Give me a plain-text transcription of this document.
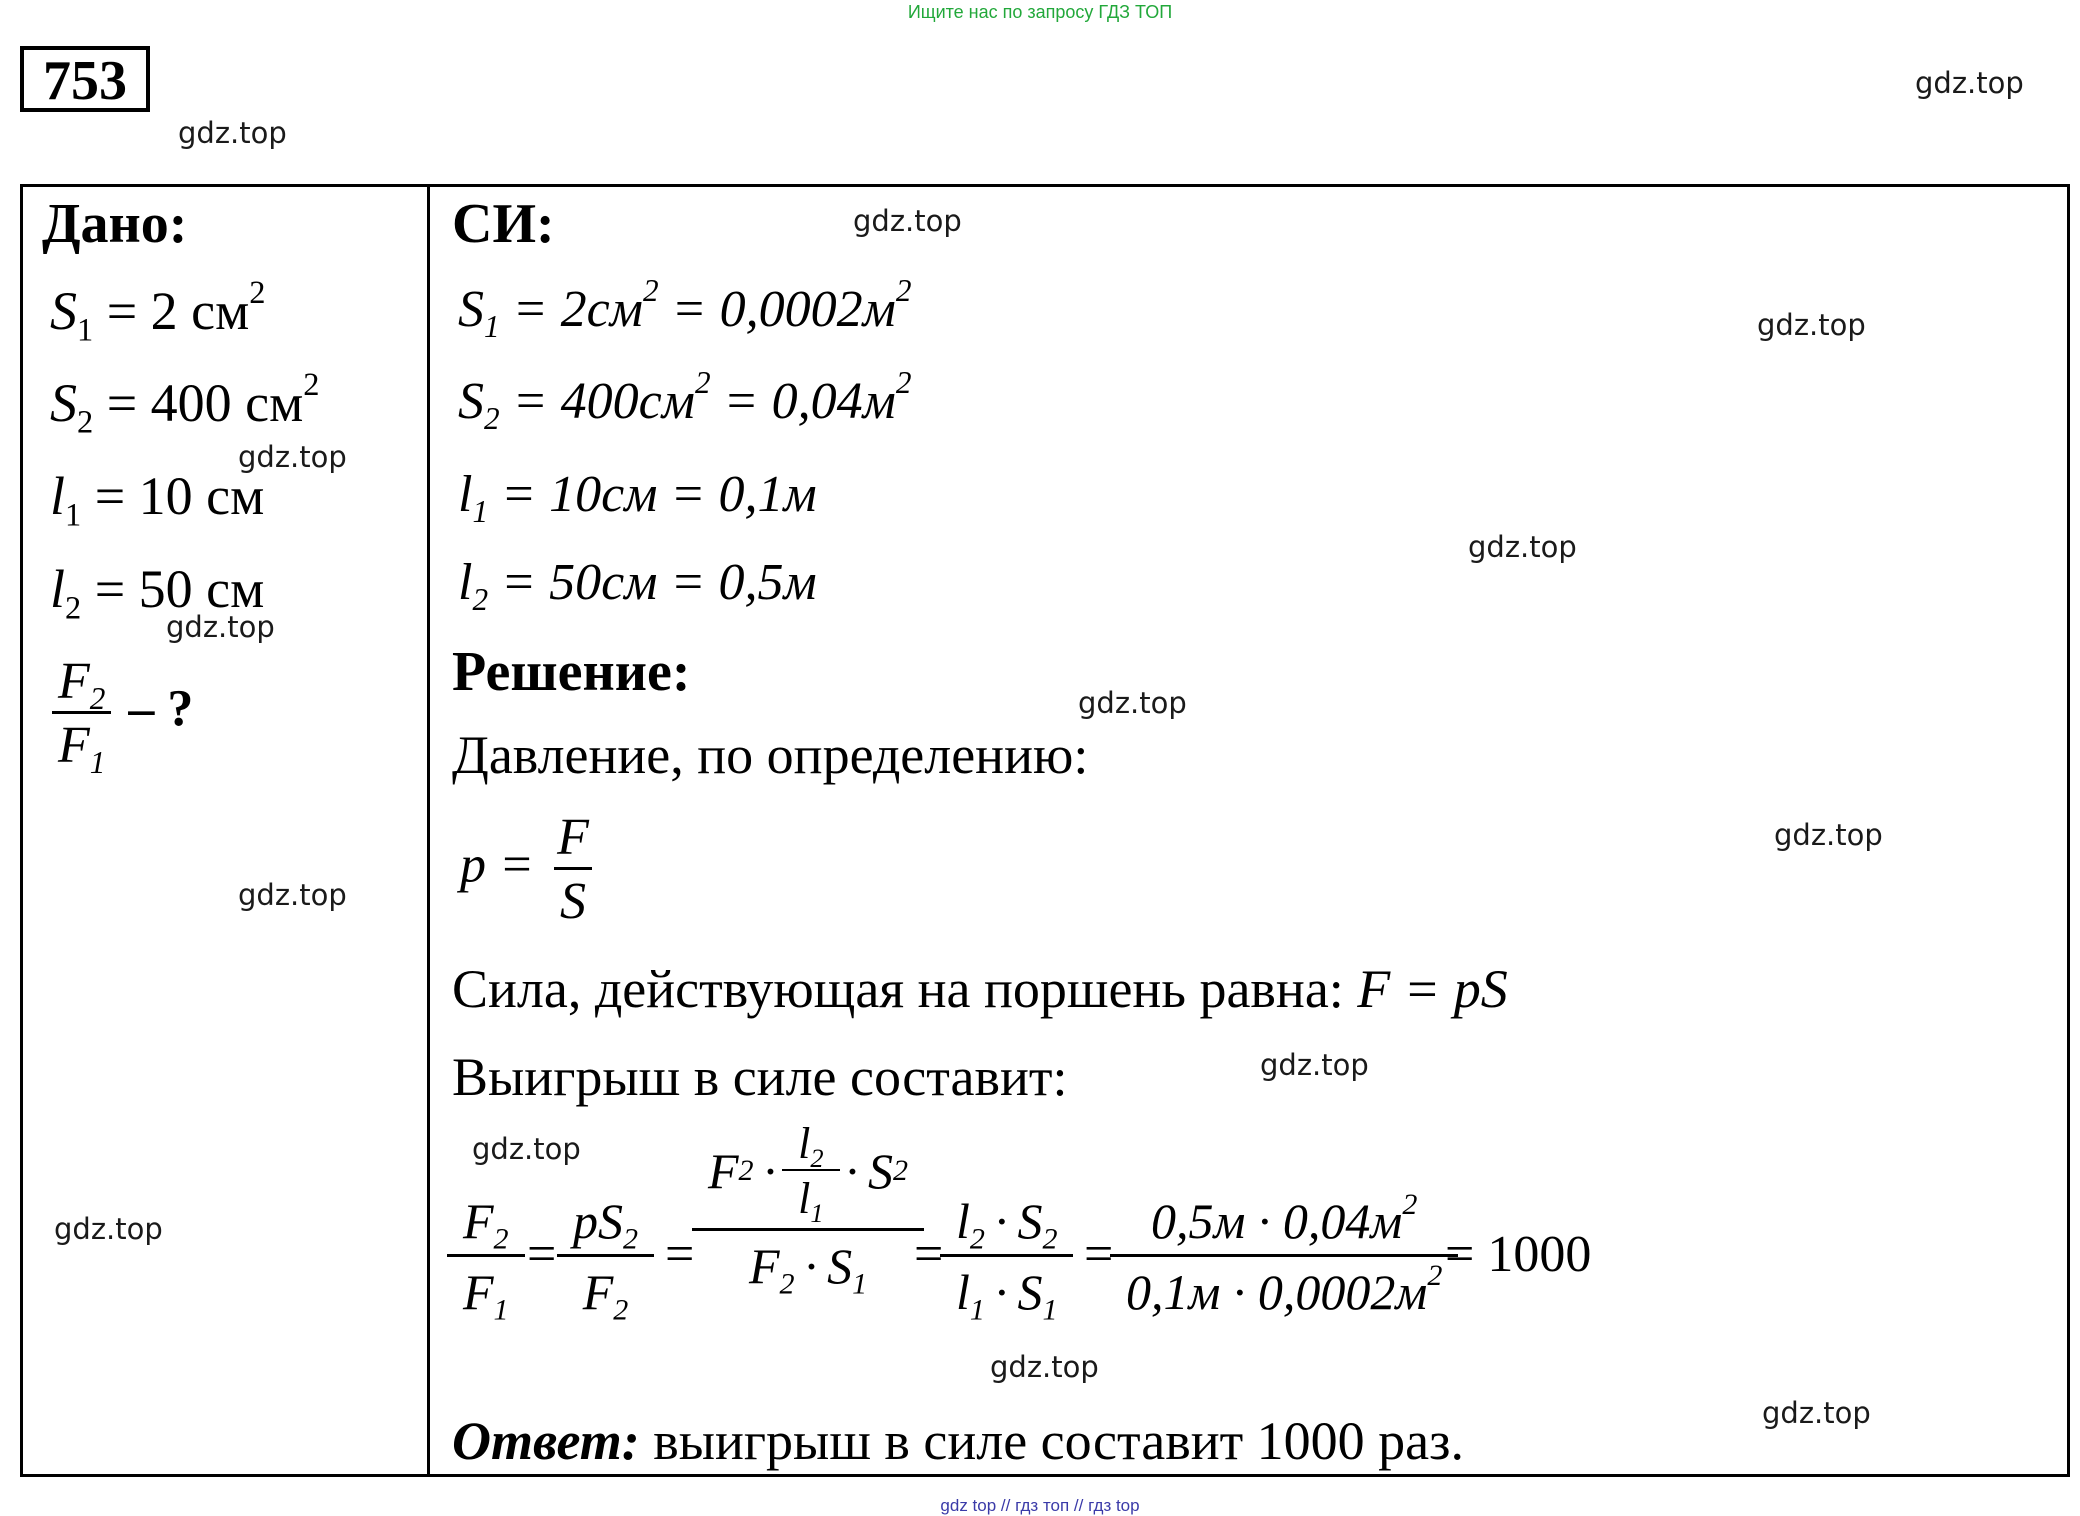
Ищите нас по запросу ГДЗ ТОП
753
Дано:
$S_1 = 2$ $см^2$
$S_2 = 400$ $см^2$
$l_1 = 10$ см
$l_2 = 50$ см
$\frac{F_2}{F_1}$ – ?
СИ:
$S_1 = 2см^2 = 0,0002м^2$
$S_2 = 400см^2 = 0,04м^2$
$l_1 = 10см = 0,1м$
$l_2 = 50см = 0,5м$
Решение:
Давление, по определению:
$p = \frac{F}{S}$
Сила, действующая на поршень равна: F = pS
Выигрыш в силе составит:
$\frac{F_2}{F_1} = \frac{pS_2}{F_2} = F$ $2 \cdot l_2$
$l_1$
 ·  S 2
$F_2 \cdot S_1$
= $\frac{l_2 \cdot S_2}{l_1 \cdot S_1}$ =
$0,5м \cdot 0,04м^2$
$0,1м \cdot 0,0002м^2 = 1000$
Ответ: выигрыш в силе составит 1000 раз.
gdz.top
gdz.top
gdz.top
gdz.top
gdz.top
gdz.top
gdz.top
gdz.top
gdz.top
gdz.top
gdz.top
gdz.top
gdz.top
gdz.top
gdz.top
gdz top // гдз топ // гдз top
